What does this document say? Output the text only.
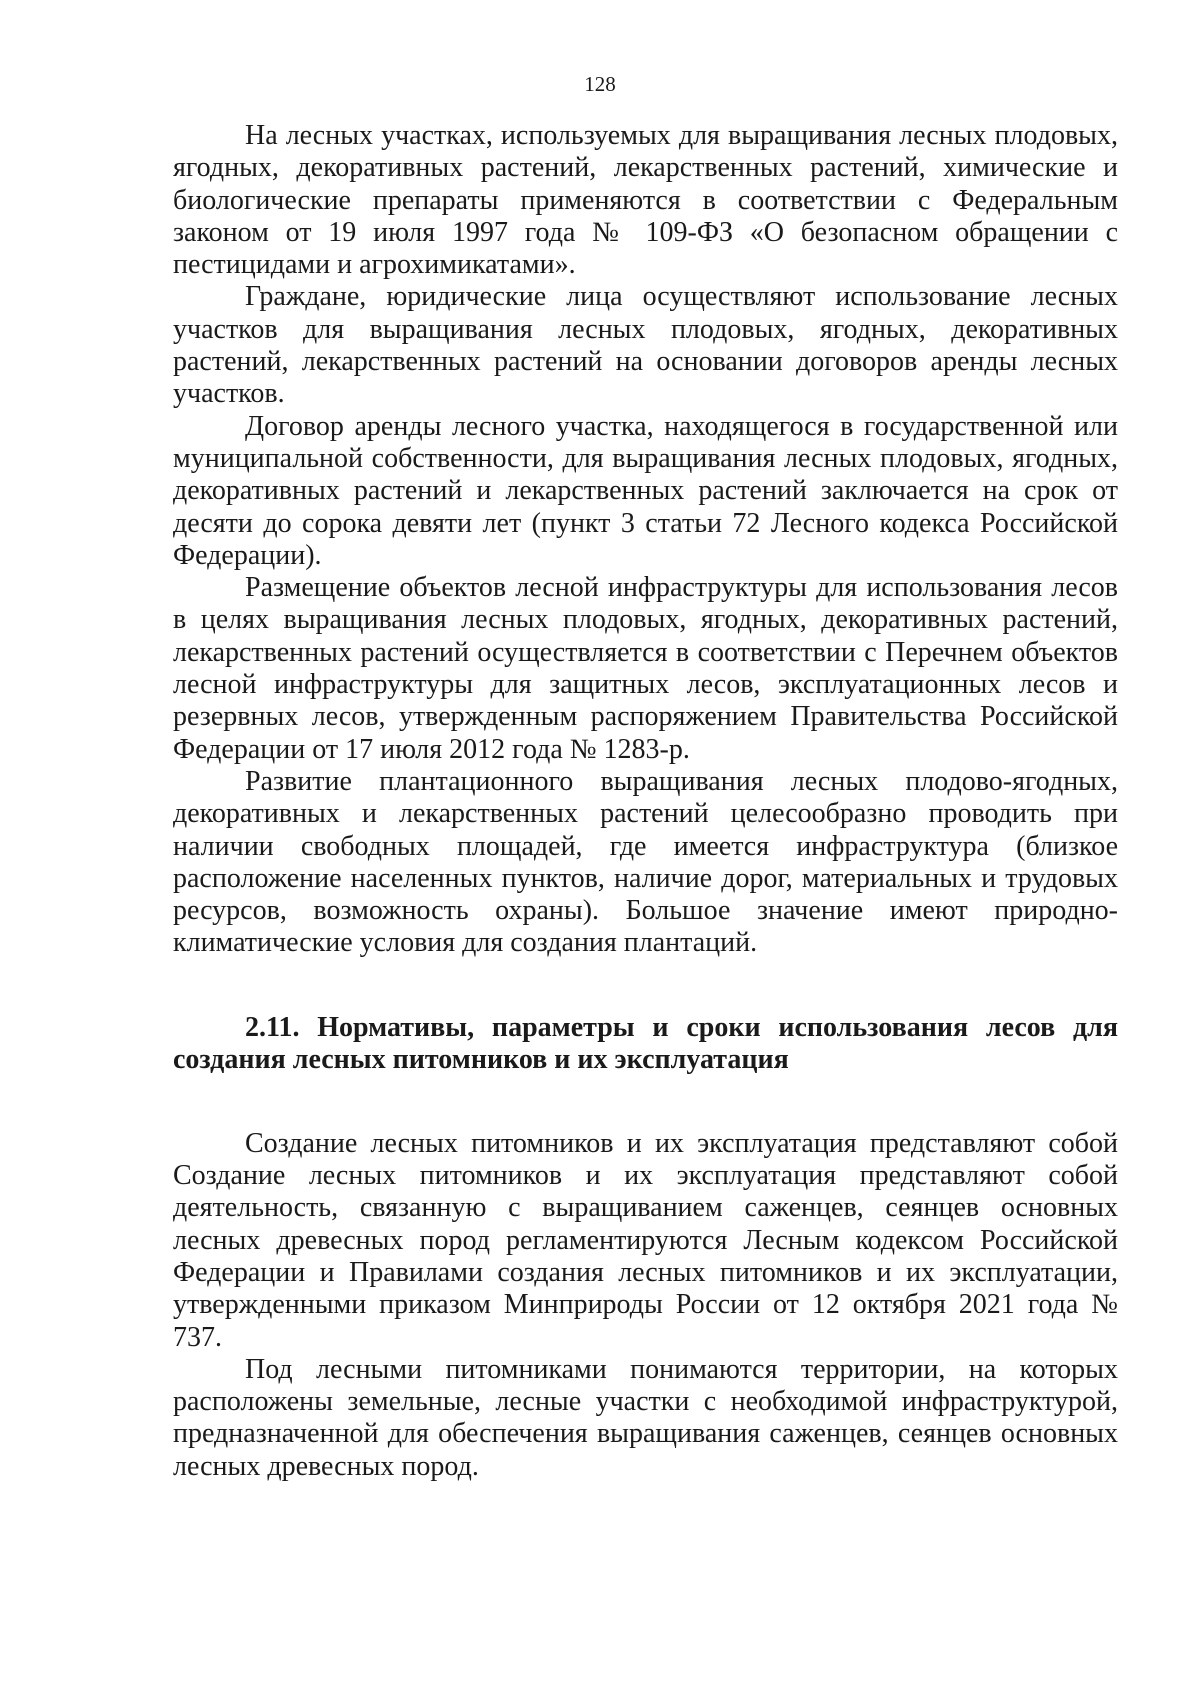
128

На лесных участках, используемых для выращивания лесных плодовых, ягодных, декоративных растений, лекарственных растений, химические и биологические препараты применяются в соответствии с Федеральным законом от 19 июля 1997 года № 109-ФЗ «О безопасном обращении с пестицидами и агрохимикатами».

Граждане, юридические лица осуществляют использование лесных участков для выращивания лесных плодовых, ягодных, декоративных растений, лекарственных растений на основании договоров аренды лесных участков.

Договор аренды лесного участка, находящегося в государственной или муниципальной собственности, для выращивания лесных плодовых, ягодных, декоративных растений и лекарственных растений заключается на срок от десяти до сорока девяти лет (пункт 3 статьи 72 Лесного кодекса Российской Федерации).

Размещение объектов лесной инфраструктуры для использования лесов в целях выращивания лесных плодовых, ягодных, декоративных растений, лекарственных растений осуществляется в соответствии с Перечнем объектов лесной инфраструктуры для защитных лесов, эксплуатационных лесов и резервных лесов, утвержденным распоряжением Правительства Российской Федерации от 17 июля 2012 года № 1283-р.

Развитие плантационного выращивания лесных плодово-ягодных, декоративных и лекарственных растений целесообразно проводить при наличии свободных площадей, где имеется инфраструктура (близкое расположение населенных пунктов, наличие дорог, материальных и трудовых ресурсов, возможность охраны). Большое значение имеют природно-климатические условия для создания плантаций.

2.11. Нормативы, параметры и сроки использования лесов для создания лесных питомников и их эксплуатация

Создание лесных питомников и их эксплуатация представляют собой Создание лесных питомников и их эксплуатация представляют собой деятельность, связанную с выращиванием саженцев, сеянцев основных лесных древесных пород регламентируются Лесным кодексом Российской Федерации и Правилами создания лесных питомников и их эксплуатации, утвержденными приказом Минприроды России от 12 октября 2021 года № 737.

Под лесными питомниками понимаются территории, на которых расположены земельные, лесные участки с необходимой инфраструктурой, предназначенной для обеспечения выращивания саженцев, сеянцев основных лесных древесных пород.
